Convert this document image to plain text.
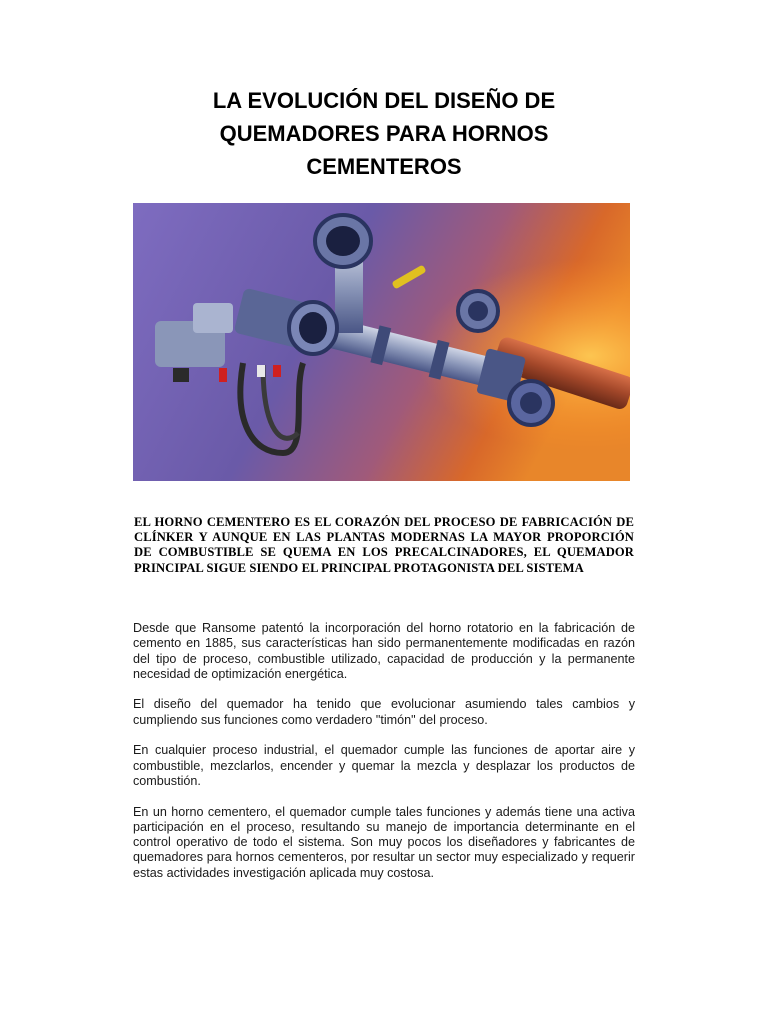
LA EVOLUCIÓN DEL DISEÑO DE
QUEMADORES PARA HORNOS
CEMENTEROS

EL HORNO CEMENTERO ES EL CORAZÓN DEL PROCESO DE FABRICACIÓN DE CLÍNKER Y AUNQUE EN LAS PLANTAS MODERNAS LA MAYOR PROPORCIÓN DE COMBUSTIBLE SE QUEMA EN LOS PRECALCINADORES, EL QUEMADOR PRINCIPAL SIGUE SIENDO EL PRINCIPAL PROTAGONISTA DEL SISTEMA

Desde que Ransome patentó la incorporación del horno rotatorio en la fabricación de cemento en 1885, sus características han sido permanentemente modificadas en razón del tipo de proceso, combustible utilizado, capacidad de producción y la permanente necesidad de optimización energética.

El diseño del quemador ha tenido que evolucionar asumiendo tales cambios y cumpliendo sus funciones como verdadero "timón" del proceso.

En cualquier proceso industrial, el quemador cumple las funciones de aportar aire y combustible, mezclarlos, encender y quemar la mezcla y desplazar los productos de combustión.

En un horno cementero, el quemador cumple tales funciones y además tiene una activa participación en el proceso, resultando su manejo de importancia determinante en el control operativo de todo el sistema. Son muy pocos los diseñadores y fabricantes de quemadores para hornos cementeros, por resultar un sector muy especializado y requerir estas actividades investigación aplicada muy costosa.
